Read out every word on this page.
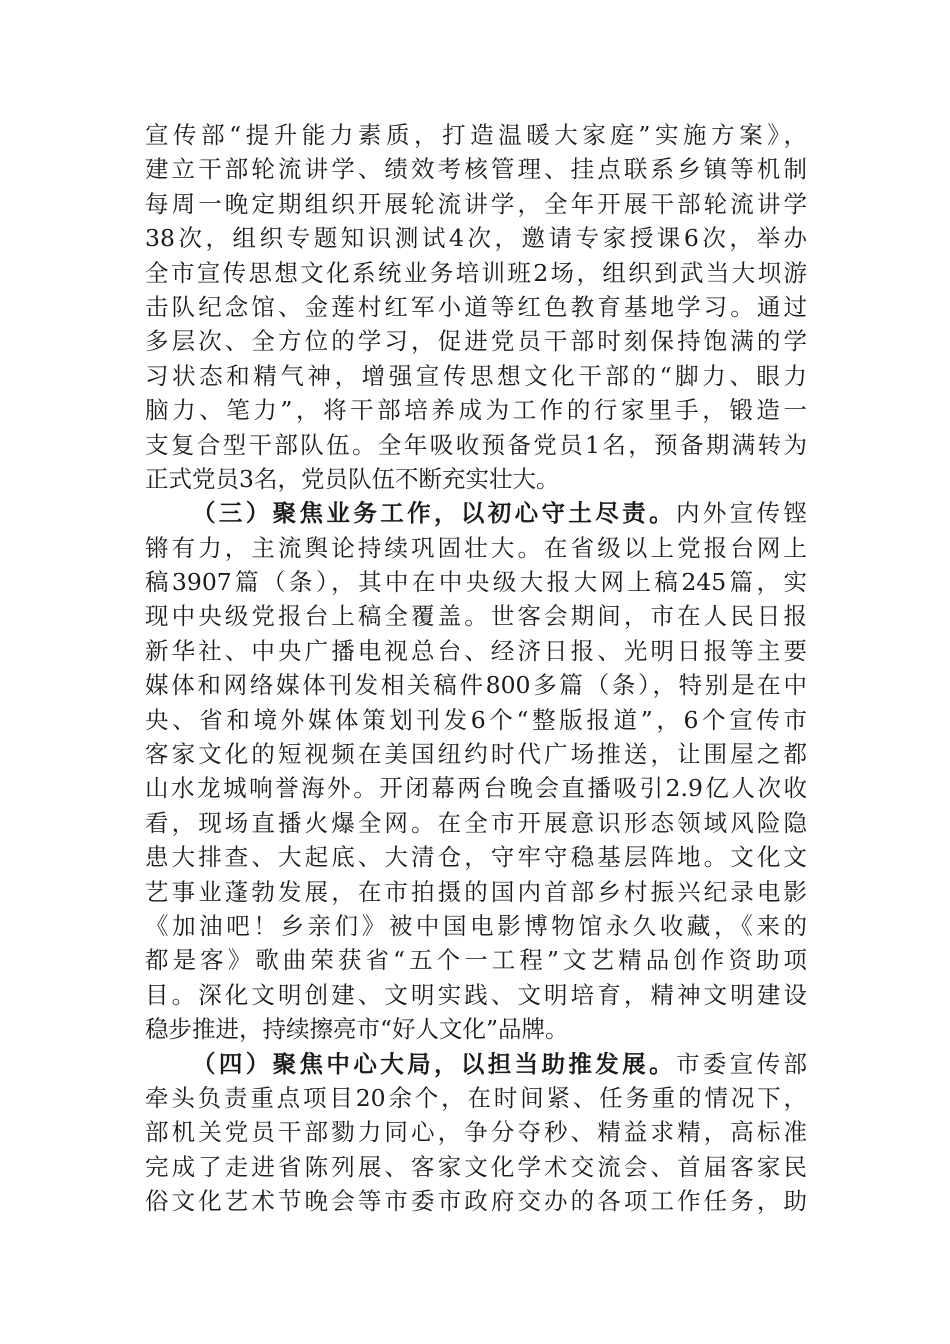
宣传部“提升能力素质，打造温暖大家庭”实施方案》，
建立干部轮流讲学、绩效考核管理、挂点联系乡镇等机制
每周一晚定期组织开展轮流讲学，全年开展干部轮流讲学
38次，组织专题知识测试4次，邀请专家授课6次，举办
全市宣传思想文化系统业务培训班2场，组织到武当大坝游
击队纪念馆、金莲村红军小道等红色教育基地学习。通过
多层次、全方位的学习，促进党员干部时刻保持饱满的学
习状态和精气神，增强宣传思想文化干部的“脚力、眼力
脑力、笔力”，将干部培养成为工作的行家里手，锻造一
支复合型干部队伍。全年吸收预备党员1名，预备期满转为
正式党员3名，党员队伍不断充实壮大。
（三）聚焦业务工作，以初心守土尽责。内外宣传铿
锵有力，主流舆论持续巩固壮大。在省级以上党报台网上
稿3907篇（条），其中在中央级大报大网上稿245篇，实
现中央级党报台上稿全覆盖。世客会期间，市在人民日报
新华社、中央广播电视总台、经济日报、光明日报等主要
媒体和网络媒体刊发相关稿件800多篇（条），特别是在中
央、省和境外媒体策划刊发6个“整版报道”，6个宣传市
客家文化的短视频在美国纽约时代广场推送，让围屋之都
山水龙城响誉海外。开闭幕两台晚会直播吸引2.9亿人次收
看，现场直播火爆全网。在全市开展意识形态领域风险隐
患大排查、大起底、大清仓，守牢守稳基层阵地。文化文
艺事业蓬勃发展，在市拍摄的国内首部乡村振兴纪录电影
《加油吧！乡亲们》被中国电影博物馆永久收藏，《来的
都是客》歌曲荣获省“五个一工程”文艺精品创作资助项
目。深化文明创建、文明实践、文明培育，精神文明建设
稳步推进，持续擦亮市“好人文化”品牌。
（四）聚焦中心大局，以担当助推发展。市委宣传部
牵头负责重点项目20余个，在时间紧、任务重的情况下，
部机关党员干部勠力同心，争分夺秒、精益求精，高标准
完成了走进省陈列展、客家文化学术交流会、首届客家民
俗文化艺术节晚会等市委市政府交办的各项工作任务，助
